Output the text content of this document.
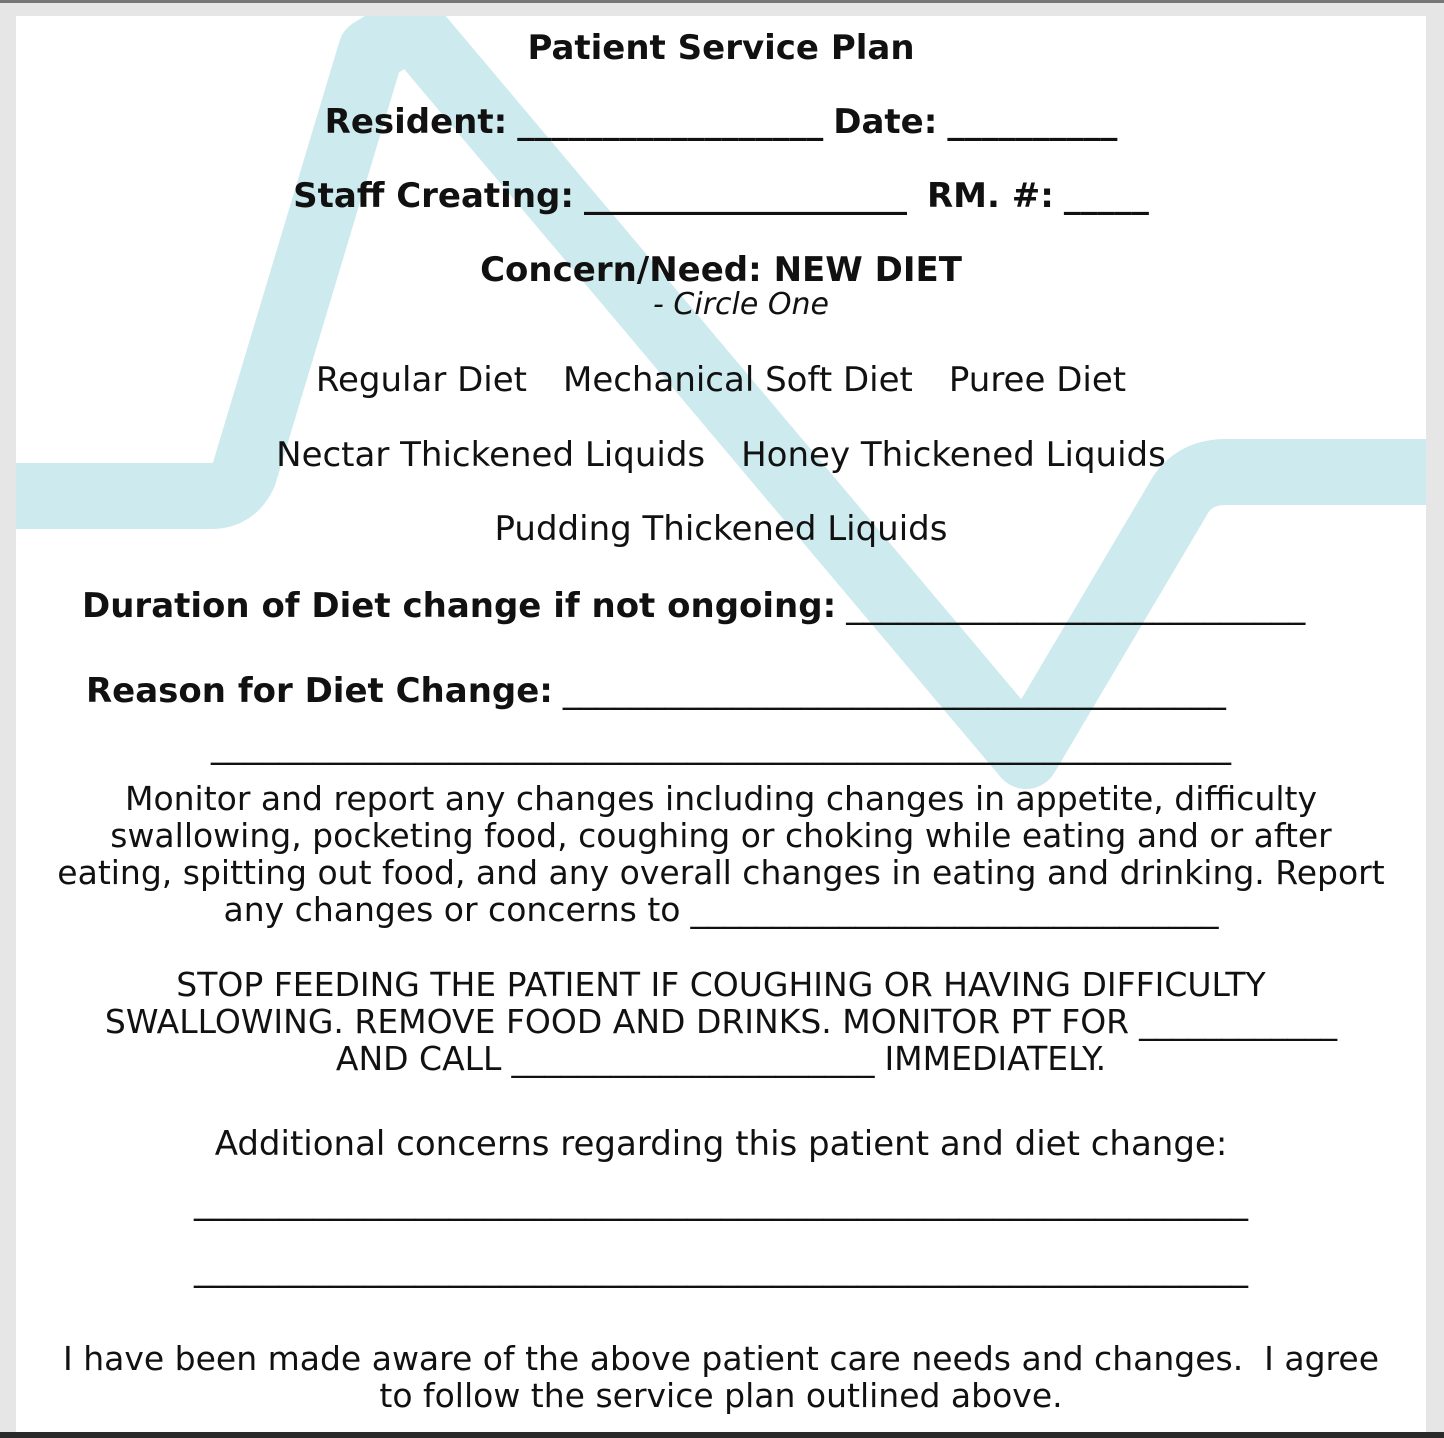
Patient Service Plan
Resident: __________________ Date: __________
Staff Creating: ___________________ RM. #: _____
Concern/Need: NEW DIET
- Circle One
Regular Diet Mechanical Soft Diet Puree Diet
Nectar Thickened Liquids Honey Thickened Liquids
Pudding Thickened Liquids
Duration of Diet change if not ongoing: ___________________________
Reason for Diet Change: _______________________________________
____________________________________________________________
Monitor and report any changes including changes in appetite, difficulty
swallowing, pocketing food, coughing or choking while eating and or after
eating, spitting out food, and any overall changes in eating and drinking. Report
any changes or concerns to ________________________________
STOP FEEDING THE PATIENT IF COUGHING OR HAVING DIFFICULTY
SWALLOWING. REMOVE FOOD AND DRINKS. MONITOR PT FOR ____________
AND CALL ______________________ IMMEDIATELY.
Additional concerns regarding this patient and diet change:
______________________________________________________________
______________________________________________________________
I have been made aware of the above patient care needs and changes.  I agree
to follow the service plan outlined above.
